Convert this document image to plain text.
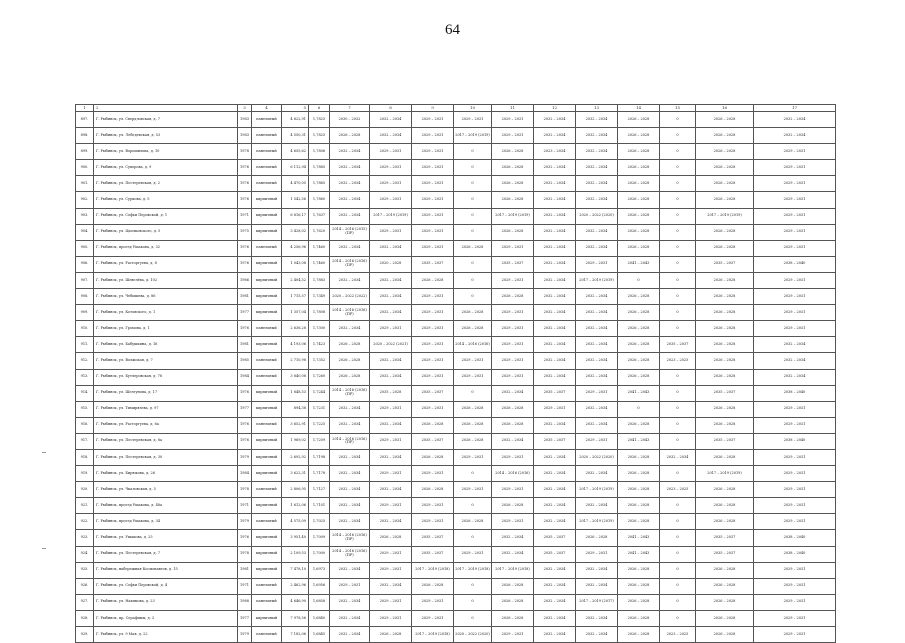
64
1	2	3	4	5	6	7	8	9	10	11	12	13	14	15	16	17
897.	Г. Рыбинск, ул. Свердловская, д. 7	1983	панельный	4 822,91	1,7825	2030 – 2032	2032 – 2034	2029 – 2031	2029 – 2031	2029 – 2031	2032 – 2034	2032 – 2034	2026 – 2028	0	2026 – 2028	2032 – 2034
898.	Г. Рыбинск, ул. Лебедевская, д. 53	1983	панельный	4 550,31	1,7825	2026 – 2028	2032 – 2034	2029 – 2031	2017 – 2019 (2019)	2029 – 2031	2032 – 2034	2032 – 2034	2026 – 2028	0	2026 – 2028	2032 – 2034
899.	Г. Рыбинск, ул. Ворошилова, д. 10	1978	панельный	4 655,62	1,7806	2032 – 2034	2029 – 2031	2029 – 2031	0	2026 – 2028	2023 – 2034	2032 – 2034	2026 – 2028	0	2026 – 2028	2029 – 2031
900.	Г. Рыбинск, ул. Суворова, д. 9	1976	панельный	6 112,94	1,7885	2032 – 2034	2029 – 2031	2029 – 2031	0	2026 – 2028	2032 – 2034	2032 – 2034	2026 – 2028	0	2026 – 2028	2029 – 2031
901.	Г. Рыбинск, ул. Пестеревская, д. 2	1976	панельный	4 470,05	1,7865	2032 – 2034	2029 – 2031	2029 – 2031	0	2026 – 2028	2032 – 2034	2032 – 2034	2026 – 2028	0	2026 – 2028	2029 – 2031
902.	Г. Рыбинск, ул. Суркова, д. 5	1976	кирпичный	1 542,56	1,7860	2032 – 2034	2029 – 2031	2029 – 2031	0	2026 – 2028	2032 – 2034	2032 – 2034	2026 – 2028	0	2026 – 2028	2029 – 2031
903.	Г. Рыбинск, ул. Софьи Перовской, д. 1	1971	кирпичный	6 816,17	1,7637	2032 – 2034	2017 – 2019 (2019)	2029 – 2031	0	2017 – 2019 (2019)	2032 – 2034	2020 – 2022 (2020)	2026 – 2028	0	2017 – 2019 (2019)	2029 – 2031
904.	Г. Рыбинск, ул. Циолковского, д. 5	1975	кирпичный	3 428,02	1,7620	2014 – 2016 (2015)(ПР)	2029 – 2031	2029 – 2031	0	2026 – 2028	2032 – 2034	2032 – 2034	2026 – 2028	0	2026 – 2028	2029 – 2031
905.	Г. Рыбинск, проезд Ушакова, д. 32	1976	панельный	4 256,96	1,7460	2032 – 2034	2032 – 2034	2029 – 2031	2026 – 2028	2029 – 2031	2032 – 2034	2032 – 2034	2026 – 2028	0	2026 – 2028	2029 – 2031
906.	Г. Рыбинск, ул. Расторгуева, д. 8	1976	кирпичный	1 043,08	1,7460	2014 – 2016 (2016)(ПР)	2020 – 2028	2035 – 2037	0	2035 – 2037	2032 – 2034	2029 – 2031	2041 – 2043	0	2035 – 2037	2038 – 2040
907.	Г. Рыбинск, ул. Шевелёва, д. 102	1986	кирпичный	2 404,52	1,7883	2032 – 2034	2032 – 2034	2026 – 2028	0	2029 – 2031	2032 – 2034	2017 – 2019 (2019)	0	0	2026 – 2028	2029 – 2031
908.	Г. Рыбинск, ул. Чебышева, д. 86	1981	кирпичный	1 715,57	1,7349	2020 – 2022 (2022)	2032 – 2034	2029 – 2031	0	2026 – 2028	2032 – 2034	2032 – 2034	2026 – 2028	0	2026 – 2028	2029 – 2031
909.	Г. Рыбинск, ул. Котовского, д. 1	1977	кирпичный	1 357,04	1,7808	2014 – 2016 (2016)(ПР)	2032 – 2034	2029 – 2031	2026 – 2028	2029 – 2031	2032 – 2034	2032 – 2034	2026 – 2028	0	2026 – 2028	2029 – 2031
910.	Г. Рыбинск, ул. Громова, д. 1	1976	панельный	2 636,28	1,7300	2032 – 2034	2029 – 2031	2029 – 2031	2026 – 2028	2029 – 2031	2032 – 2034	2032 – 2034	2026 – 2028	0	2026 – 2028	2029 – 2031
911.	Г. Рыбинск, ул. Бабушкина, д. 16	1981	кирпичный	4 193,06	1,7423	2026 – 2028	2020 – 2022 (2021)	2029 – 2031	2014 – 2016 (2016)	2029 – 2031	2032 – 2034	2032 – 2034	2026 – 2028	2035 – 2037	2026 – 2028	2032 – 2034
912.	Г. Рыбинск, ул. Волжская, д. 7	1985	панельный	2 710,98	1,7352	2026 – 2028	2032 – 2034	2029 – 2031	2029 – 2031	2029 – 2031	2032 – 2034	2032 – 2034	2026 – 2028	2023 – 2025	2026 – 2028	2032 – 2034
913.	Г. Рыбинск, ул. Бутлеровская, д. 78	1984	панельный	3 840,08	1,7260	2026 – 2028	2032 – 2034	2029 – 2031	2029 – 2031	2029 – 2031	2032 – 2034	2032 – 2034	2026 – 2028	0	2026 – 2028	2032 – 2034
914.	Г. Рыбинск, ул. Шелгунова, д. 17	1976	кирпичный	1 848,53	1,7244	2014 – 2016 (2016)(ПР)	2035 – 2028	2035 – 2037	0	2032 – 2034	2035 – 2037	2029 – 2031	2041 – 2043	0	2035 – 2037	2038 – 2040
915.	Г. Рыбинск, ул. Тимирязева, д. 97	1977	кирпичный	894,38	1,7231	2032 – 2034	2029 – 2031	2029 – 2031	2026 – 2028	2026 – 2028	2029 – 2031	2032 – 2034	0	0	2026 – 2028	2029 – 2031
916.	Г. Рыбинск, ул. Расторгуева, д. 6а	1976	панельный	3 652,91	1,7225	2032 – 2034	2032 – 2034	2026 – 2028	2026 – 2028	2026 – 2028	2032 – 2034	2032 – 2034	2026 – 2028	0	2026 – 2028	2029 – 2031
917.	Г. Рыбинск, ул. Пестеревская, д. 8а	1976	кирпичный	1 969,02	1,7209	2014 – 2016 (2016)(ПР)	2029 – 2031	2035 – 2037	2026 – 2028	2032 – 2034	2035 – 2037	2029 – 2031	2041 – 2043	0	2035 – 2037	2038 – 2040
918.	Г. Рыбинск, ул. Пестеревская, д. 30	1979	кирпичный	2 692,92	1,7198	2032 – 2034	2032 – 2034	2026 – 2028	2029 – 2031	2029 – 2031	2032 – 2034	2020 – 2022 (2020)	2026 – 2028	2032 – 2034	2026 – 2028	2029 – 2031
919.	Г. Рыбинск, ул. Бирюкова, д. 26	1984	кирпичный	3 622,31	1,7178	2032 – 2034	2029 – 2031	2029 – 2031	0	2014 – 2016 (2016)	2032 – 2034	2032 – 2034	2026 – 2028	0	2017 – 2019 (2019)	2029 – 2031
920.	Г. Рыбинск, ул. Чкаловская, д. 5	1978	панельный	2 806,95	1,7127	2032 – 2034	2032 – 2034	2026 – 2028	2029 – 2031	2029 – 2031	2032 – 2034	2017 – 2019 (2019)	2026 – 2028	2023 – 2025	2026 – 2028	2029 – 2031
921.	Г. Рыбинск, проезд Ушакова, д. 48а	1971	кирпичный	1 612,06	1,7101	2032 – 2034	2029 – 2031	2029 – 2031	0	2026 – 2028	2032 – 2034	2032 – 2034	2026 – 2028	0	2026 – 2028	2029 – 2031
922.	Г. Рыбинск, проезд Ушакова, д. 34	1979	панельный	4 575,09	1,7025	2032 – 2034	2032 – 2034	2029 – 2031	2026 – 2028	2029 – 2031	2032 – 2034	2017 – 2019 (2019)	2026 – 2028	0	2026 – 2028	2029 – 2031
923.	Г. Рыбинск, ул. Ушакова, д. 25	1976	кирпичный	3 951,40	1,7009	2014 – 2016 (2016)(ПР)	2026 – 2028	2035 – 2037	0	2032 – 2034	2035 – 2037	2026 – 2028	2041 – 2043	0	2035 – 2037	2038 – 2040
924.	Г. Рыбинск, ул. Пестеревская, д. 7	1978	кирпичный	2 109,53	1,7000	2014 – 2016 (2016)(ПР)	2029 – 2031	2035 – 2037	2029 – 2031	2032 – 2034	2035 – 2037	2029 – 2031	2041 – 2043	0	2035 – 2037	2038 – 2040
925.	Г. Рыбинск, набережная Космонавтов, д. 15	1981	кирпичный	7 478,10	1,6973	2032 – 2034	2029 – 2031	2017 – 2019 (2018)	2017 – 2019 (2018)	2017 – 2019 (2018)	2032 – 2034	2032 – 2034	2026 – 2028	0	2026 – 2028	2029 – 2031
926.	Г. Рыбинск, ул. Софьи Перовской, д. 4	1971	панельный	2 462,96	1,6956	2029 – 2031	2032 – 2034	2026 – 2028	0	2026 – 2028	2032 – 2034	2032 – 2034	2026 – 2028	0	2026 – 2028	2029 – 2031
927.	Г. Рыбинск, ул. Нахимова, д. 23	1988	панельный	4 646,90	1,6858	2032 – 2034	2029 – 2031	2029 – 2031	0	2026 – 2028	2032 – 2034	2017 – 2019 (2017)	2026 – 2028	0	2026 – 2028	2029 – 2031
928.	Г. Рыбинск, пр. Серафимы, д. 3	1977	кирпичный	7 978,56	1,6840	2032 – 2034	2029 – 2031	2029 – 2031	0	2026 – 2028	2032 – 2034	2032 – 2034	2026 – 2028	0	2026 – 2028	2029 – 2031
929.	Г. Рыбинск, ул. 9 Мая, д. 22	1979	панельный	7 182,06	1,6845	2032 – 2034	2026 – 2028	2017 – 2019 (2018)	2020 – 2022 (2020)	2029 – 2031	2032 – 2034	2032 – 2034	2026 – 2028	2023 – 2025	2026 – 2028	2029 – 2031
